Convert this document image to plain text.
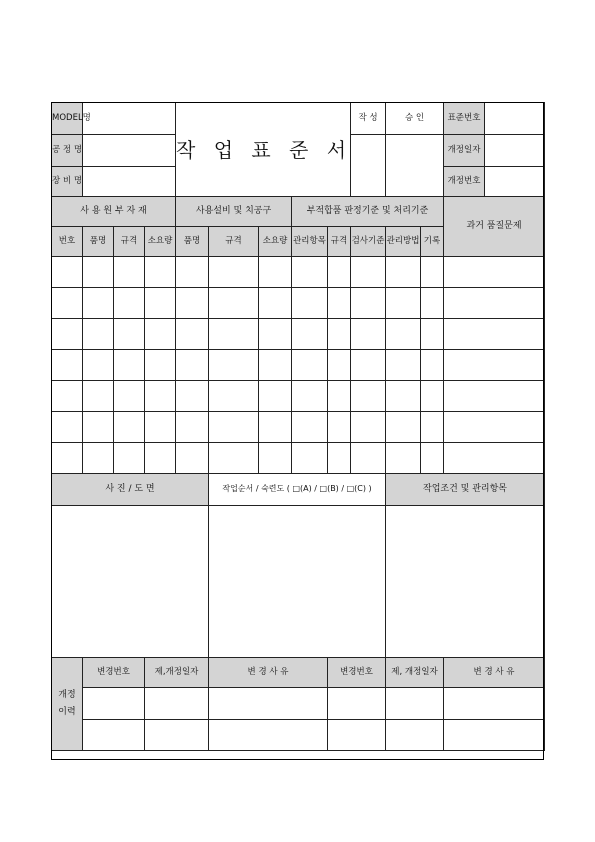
MODEL명				작 업 표 준 서					작 성	승 인		표준번호

공 정 명												개정일자

장 비 명												개정번호

사 용 원 부 자 재				사용설비 및 치공구			부적합품 판정기준 및 처리기준					과거 품질문제
번호	품명	규격	소요량	품명	규격	소요량	관리항목	규격	검사기준	관리방법	기록	

사 진 / 도 면					작업순서 / 숙련도 ( □(A) / □(B) / □(C) )					작업조건 및 관리항목		

개정
이력	변경번호		제,개정일자		변 경 사 유			변경번호		제, 개정일자		변 경 사 유
